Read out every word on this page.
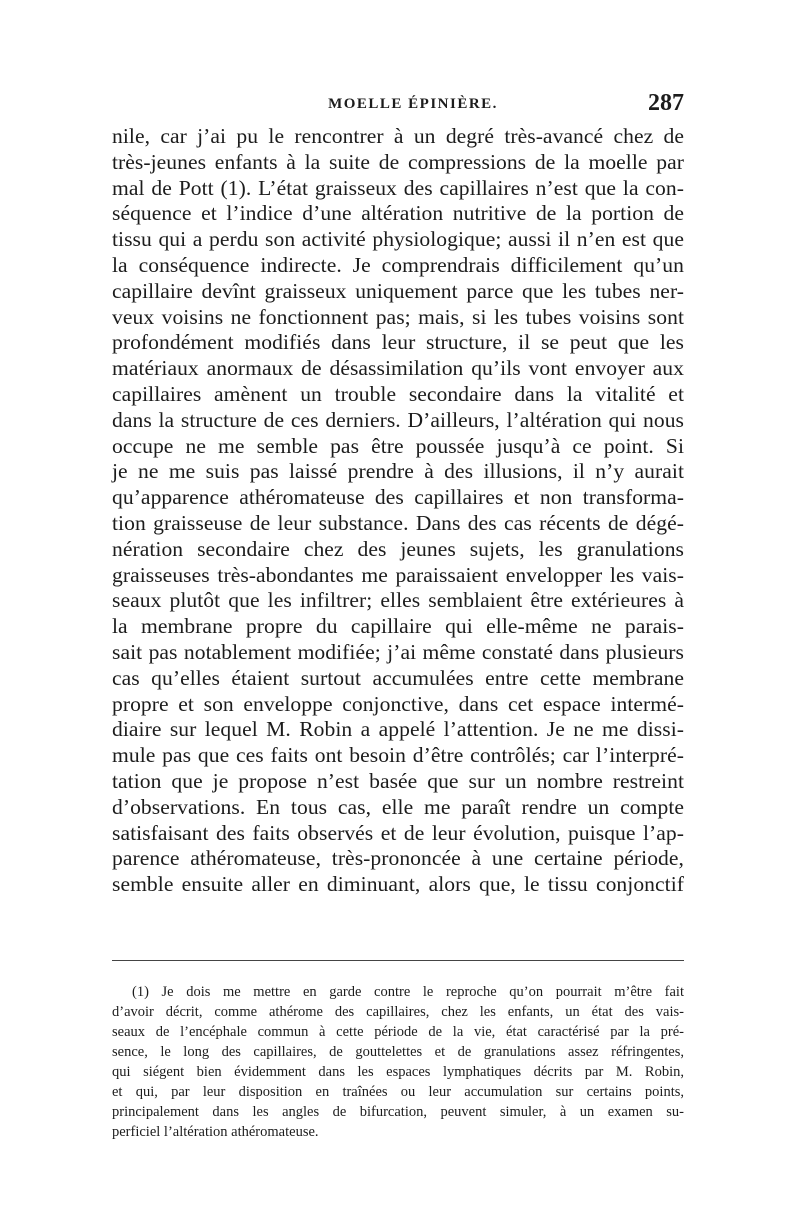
MOELLE ÉPINIÈRE.	287
nile, car j’ai pu le rencontrer à un degré très-avancé chez de
très-jeunes enfants à la suite de compressions de la moelle par
mal de Pott (1). L’état graisseux des capillaires n’est que la con-
séquence et l’indice d’une altération nutritive de la portion de
tissu qui a perdu son activité physiologique; aussi il n’en est que
la conséquence indirecte. Je comprendrais difficilement qu’un
capillaire devînt graisseux uniquement parce que les tubes ner-
veux voisins ne fonctionnent pas; mais, si les tubes voisins sont
profondément modifiés dans leur structure, il se peut que les
matériaux anormaux de désassimilation qu’ils vont envoyer aux
capillaires amènent un trouble secondaire dans la vitalité et
dans la structure de ces derniers. D’ailleurs, l’altération qui nous
occupe ne me semble pas être poussée jusqu’à ce point. Si
je ne me suis pas laissé prendre à des illusions, il n’y aurait
qu’apparence athéromateuse des capillaires et non transforma-
tion graisseuse de leur substance. Dans des cas récents de dégé-
nération secondaire chez des jeunes sujets, les granulations
graisseuses très-abondantes me paraissaient envelopper les vais-
seaux plutôt que les infiltrer; elles semblaient être extérieures à
la membrane propre du capillaire qui elle-même ne parais-
sait pas notablement modifiée; j’ai même constaté dans plusieurs
cas qu’elles étaient surtout accumulées entre cette membrane
propre et son enveloppe conjonctive, dans cet espace intermé-
diaire sur lequel M. Robin a appelé l’attention. Je ne me dissi-
mule pas que ces faits ont besoin d’être contrôlés; car l’interpré-
tation que je propose n’est basée que sur un nombre restreint
d’observations. En tous cas, elle me paraît rendre un compte
satisfaisant des faits observés et de leur évolution, puisque l’ap-
parence athéromateuse, très-prononcée à une certaine période,
semble ensuite aller en diminuant, alors que, le tissu conjonctif
(1) Je dois me mettre en garde contre le reproche qu’on pourrait m’être fait
d’avoir décrit, comme athérome des capillaires, chez les enfants, un état des vais-
seaux de l’encéphale commun à cette période de la vie, état caractérisé par la pré-
sence, le long des capillaires, de gouttelettes et de granulations assez réfringentes,
qui siégent bien évidemment dans les espaces lymphatiques décrits par M. Robin,
et qui, par leur disposition en traînées ou leur accumulation sur certains points,
principalement dans les angles de bifurcation, peuvent simuler, à un examen su-
perficiel l’altération athéromateuse.
